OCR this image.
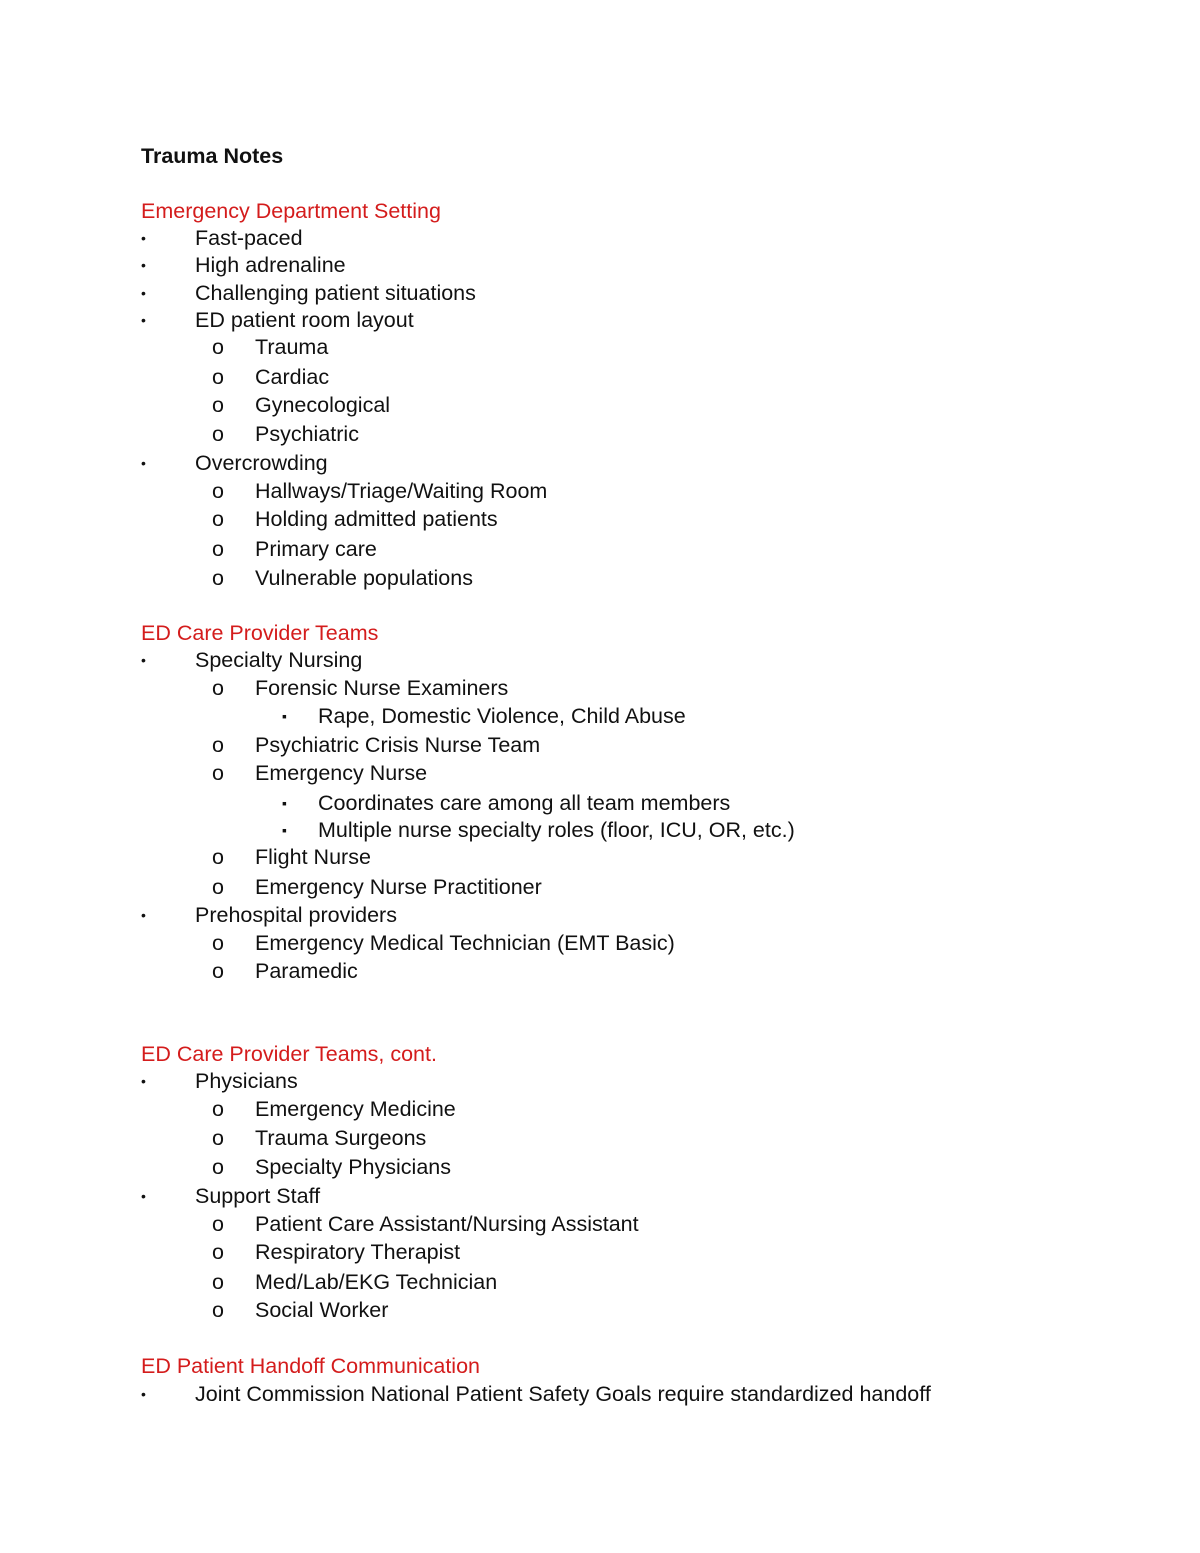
Trauma Notes
Emergency Department Setting
• Fast-paced
• High adrenaline
• Challenging patient situations
• ED patient room layout
o Trauma
o Cardiac
o Gynecological
o Psychiatric
• Overcrowding
o Hallways/Triage/Waiting Room
o Holding admitted patients
o Primary care
o Vulnerable populations
ED Care Provider Teams
• Specialty Nursing
o Forensic Nurse Examiners
▪ Rape, Domestic Violence, Child Abuse
o Psychiatric Crisis Nurse Team
o Emergency Nurse
▪ Coordinates care among all team members
▪ Multiple nurse specialty roles (floor, ICU, OR, etc.)
o Flight Nurse
o Emergency Nurse Practitioner
• Prehospital providers
o Emergency Medical Technician (EMT Basic)
o Paramedic
ED Care Provider Teams, cont.
• Physicians
o Emergency Medicine
o Trauma Surgeons
o Specialty Physicians
• Support Staff
o Patient Care Assistant/Nursing Assistant
o Respiratory Therapist
o Med/Lab/EKG Technician
o Social Worker
ED Patient Handoff Communication
• Joint Commission National Patient Safety Goals require standardized handoff
